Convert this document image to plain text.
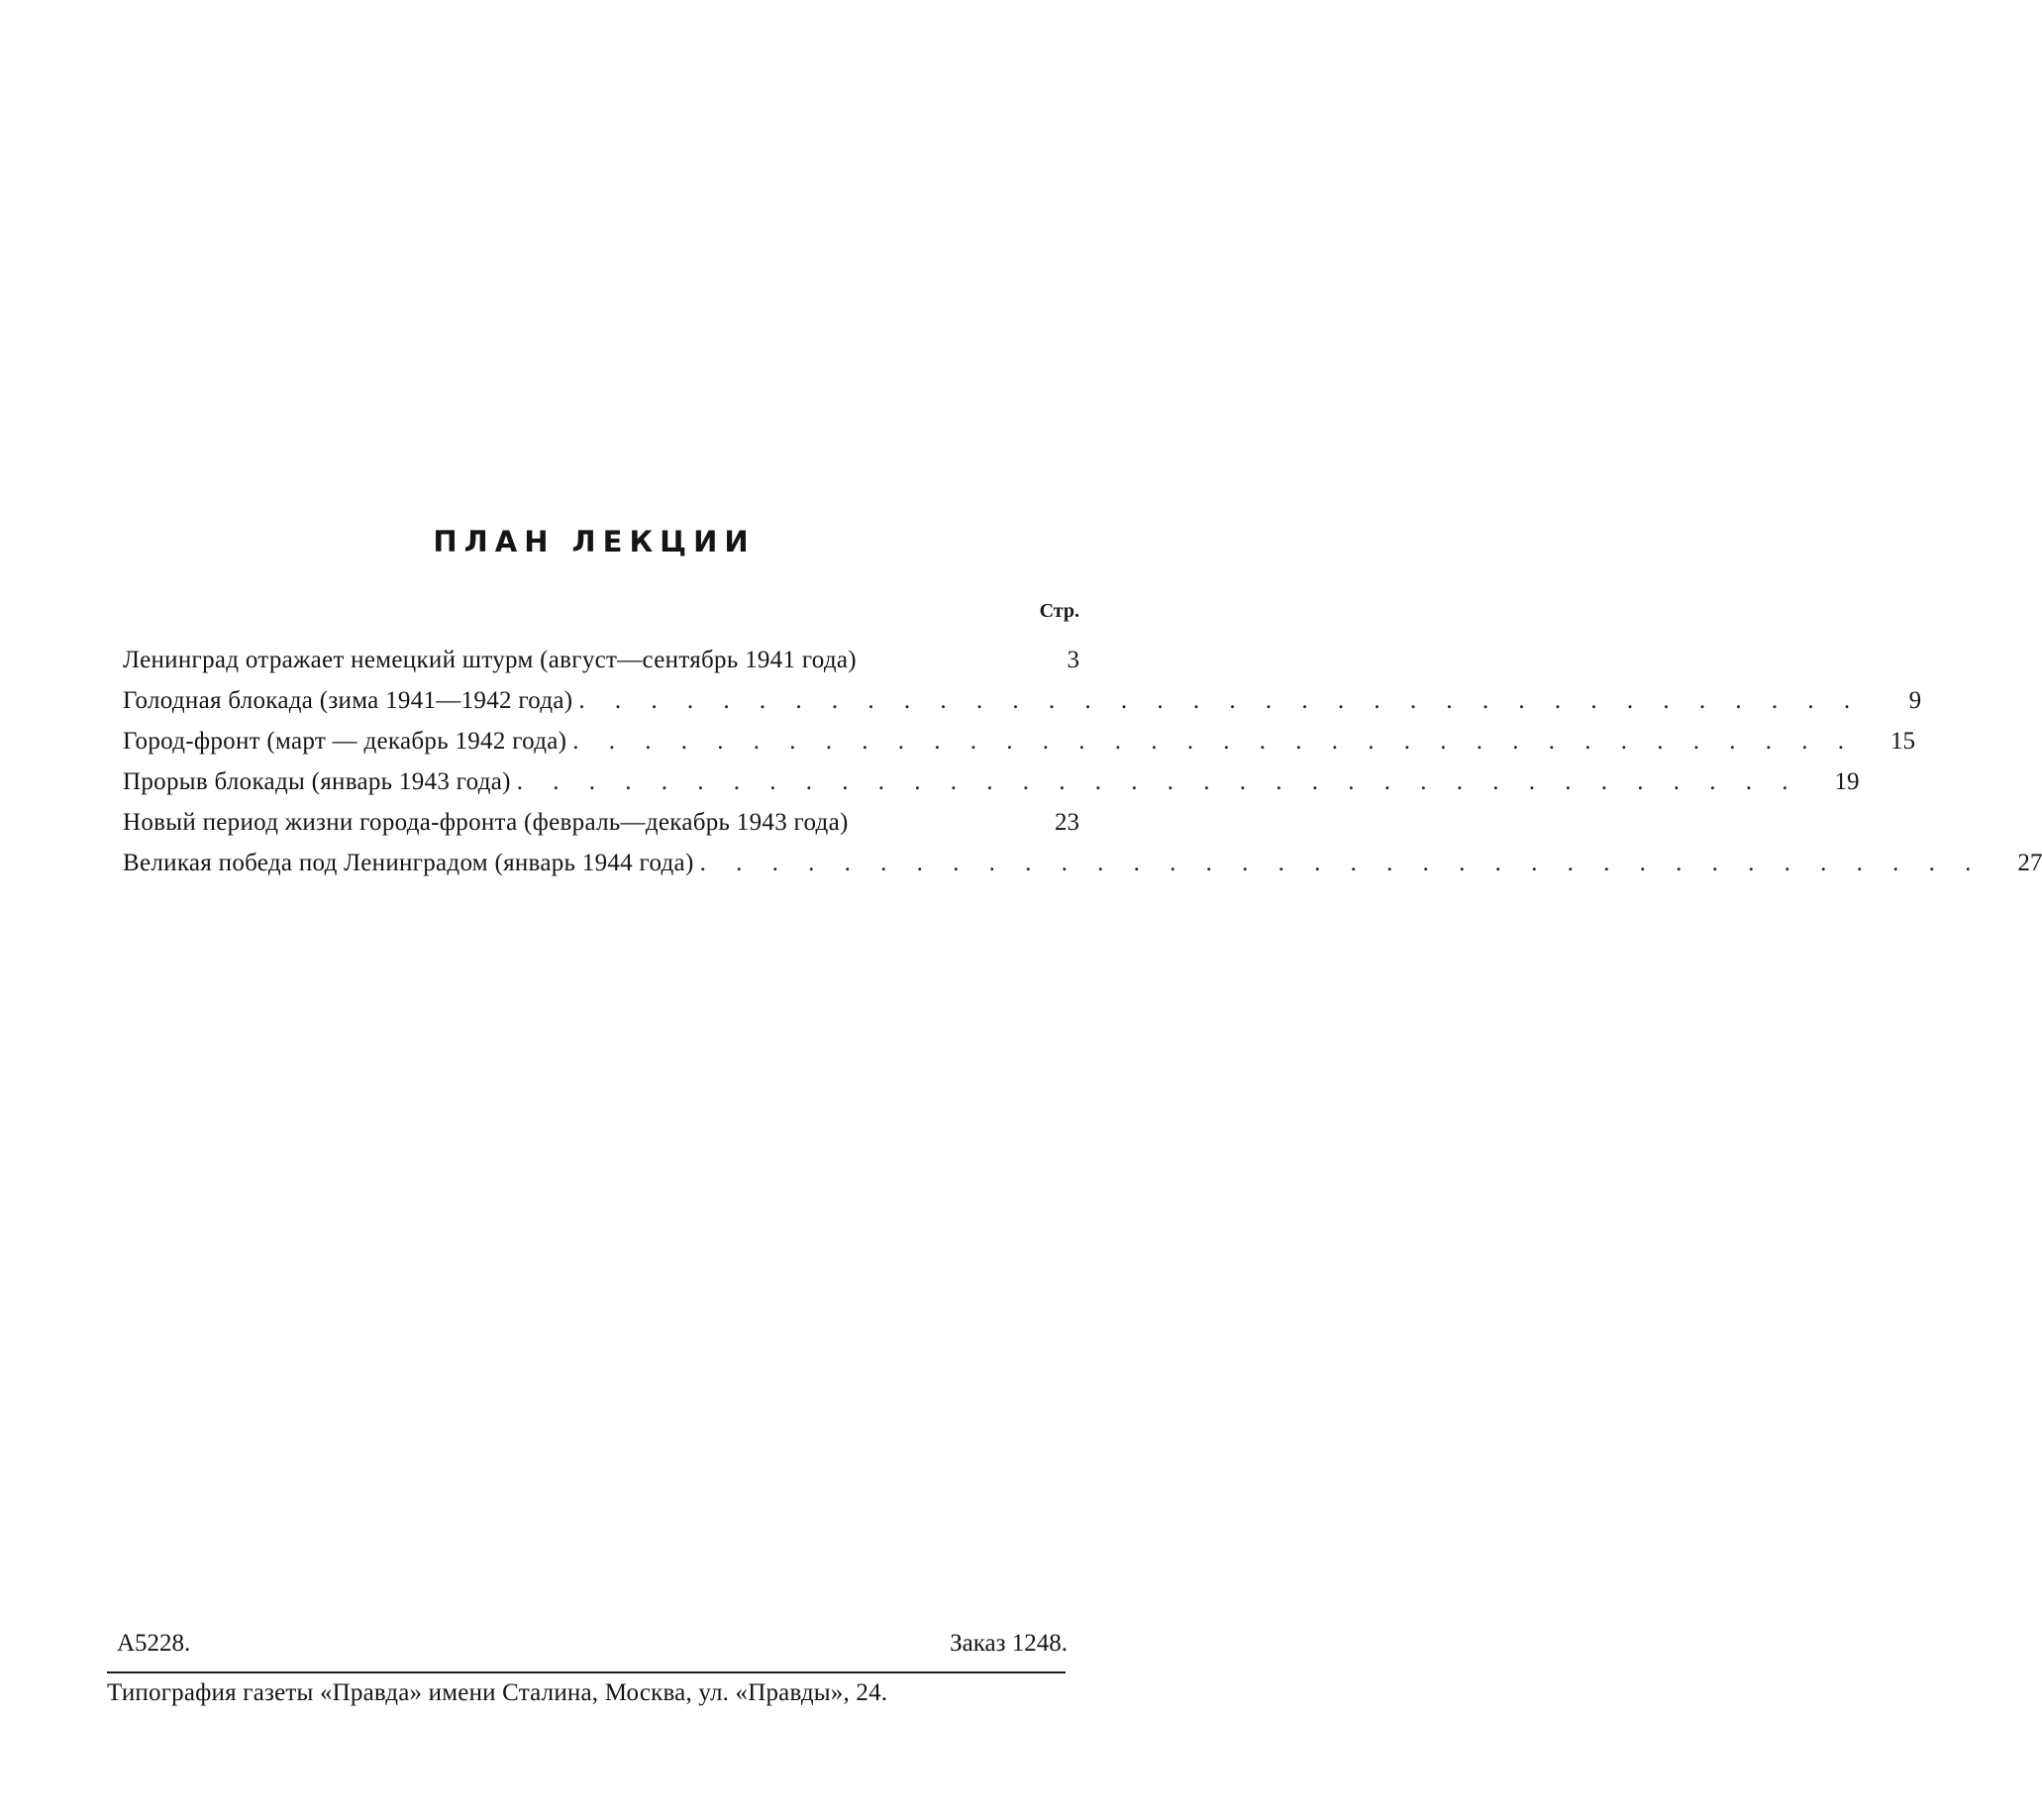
ПЛАН ЛЕКЦИИ
Стр.
Ленинград отражает немецкий штурм (август—сентябрь 1941 года)	3
Голодная блокада (зима 1941—1942 года) . . . . . . . . . . . . . . . . . . . . . . . . . . . . . . . . . . . .	9
Город-фронт (март — декабрь 1942 года) . . . . . . . . . . . . . . . . . . . . . . . . . . . . . . . . . . . .	15
Прорыв блокады (январь 1943 года) . . . . . . . . . . . . . . . . . . . . . . . . . . . . . . . . . . . .	19
Новый период жизни города-фронта (февраль—декабрь 1943 года)	23
Великая победа под Ленинградом (январь 1944 года) . . . . . . . . . . . . . . . . . . . . . . . . . . . . . . . . . . . .	27
А5228.	Заказ 1248.
Типография газеты «Правда» имени Сталина, Москва, ул. «Правды», 24.
